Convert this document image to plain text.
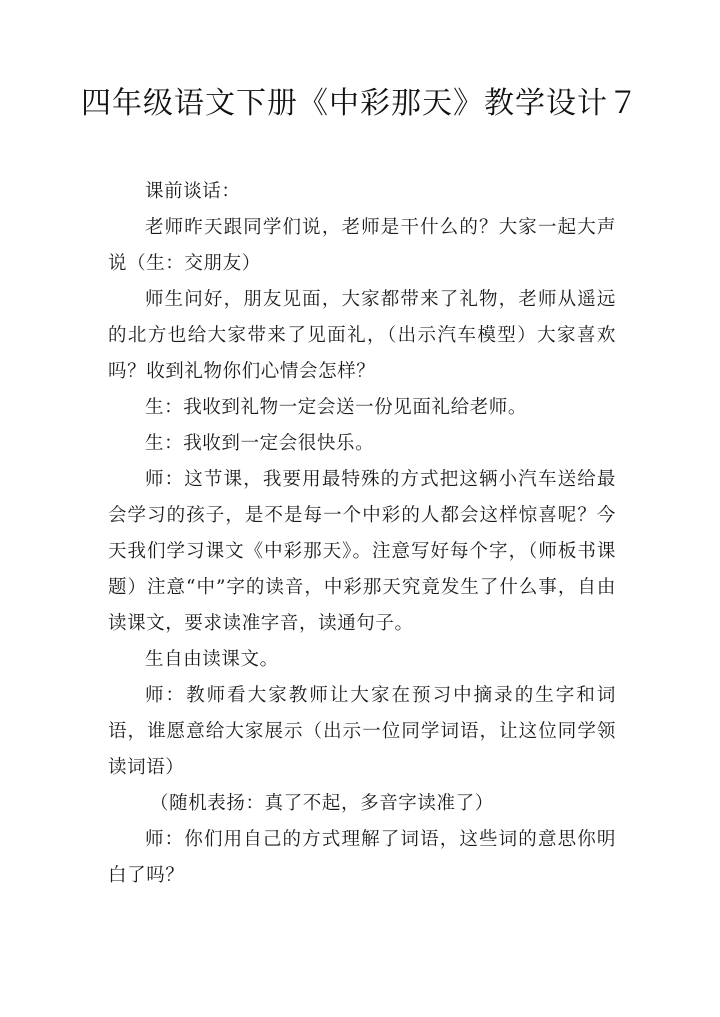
四年级语文下册《中彩那天》教学设计７

课前谈话：

老师昨天跟同学们说，老师是干什么的？大家一起大声说（生：交朋友）

师生问好，朋友见面，大家都带来了礼物，老师从遥远的北方也给大家带来了见面礼，（出示汽车模型）大家喜欢吗？收到礼物你们心情会怎样？

生：我收到礼物一定会送一份见面礼给老师。

生：我收到一定会很快乐。

师：这节课，我要用最特殊的方式把这辆小汽车送给最会学习的孩子，是不是每一个中彩的人都会这样惊喜呢？今天我们学习课文《中彩那天》。注意写好每个字，（师板书课题）注意“中”字的读音，中彩那天究竟发生了什么事，自由读课文，要求读准字音，读通句子。

生自由读课文。

师：教师看大家教师让大家在预习中摘录的生字和词语，谁愿意给大家展示（出示一位同学词语，让这位同学领读词语）

（随机表扬：真了不起，多音字读准了）

师：你们用自己的方式理解了词语，这些词的意思你明白了吗？
